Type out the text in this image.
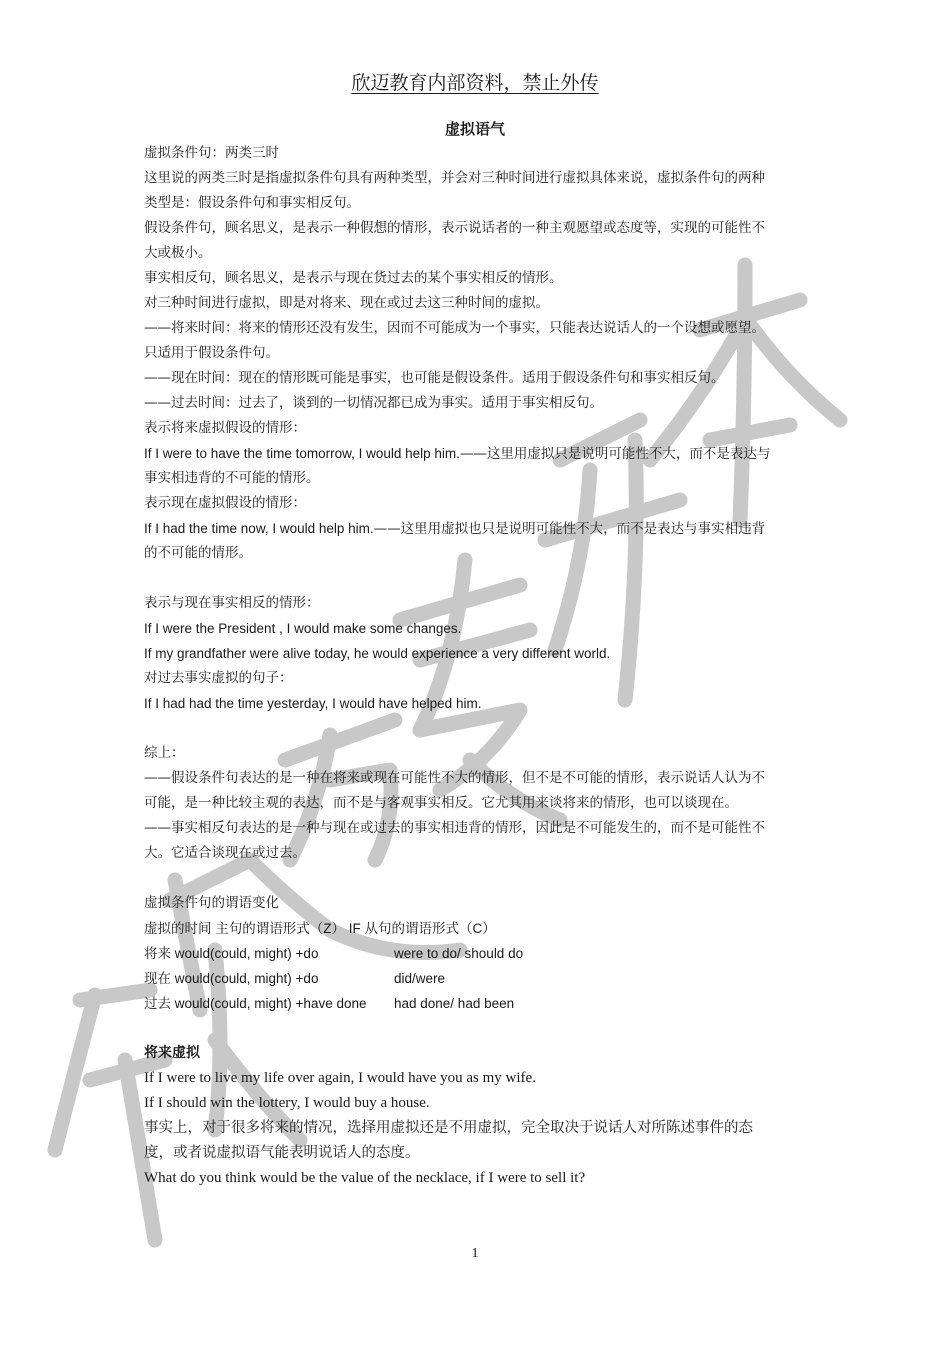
欣迈教育内部资料，禁止外传
虚拟语气
虚拟条件句：两类三时
这里说的两类三时是指虚拟条件句具有两种类型，并会对三种时间进行虚拟具体来说，虚拟条件句的两种
类型是：假设条件句和事实相反句。
假设条件句，顾名思义，是表示一种假想的情形，表示说话者的一种主观愿望或态度等，实现的可能性不
大或极小。
事实相反句，顾名思义，是表示与现在货过去的某个事实相反的情形。
对三种时间进行虚拟，即是对将来、现在或过去这三种时间的虚拟。
——将来时间：将来的情形还没有发生，因而不可能成为一个事实，只能表达说话人的一个设想或愿望。
只适用于假设条件句。
——现在时间：现在的情形既可能是事实，也可能是假设条件。适用于假设条件句和事实相反句。
——过去时间：过去了，谈到的一切情况都已成为事实。适用于事实相反句。
表示将来虚拟假设的情形：
If I were to have the time tomorrow, I would help him.——这里用虚拟只是说明可能性不大，而不是表达与
事实相违背的不可能的情形。
表示现在虚拟假设的情形：
If I had the time now, I would help him.——这里用虚拟也只是说明可能性不大，而不是表达与事实相违背
的不可能的情形。
表示与现在事实相反的情形：
If I were the President , I would make some changes.
If my grandfather were alive today, he would experience a very different world.
对过去事实虚拟的句子：
If I had had the time yesterday, I would have helped him.
综上：
——假设条件句表达的是一种在将来或现在可能性不大的情形，但不是不可能的情形，表示说话人认为不
可能，是一种比较主观的表达，而不是与客观事实相反。它尤其用来谈将来的情形，也可以谈现在。
——事实相反句表达的是一种与现在或过去的事实相违背的情形，因此是不可能发生的，而不是可能性不
大。它适合谈现在或过去。
虚拟条件句的谓语变化
虚拟的时间 主句的谓语形式（Z） IF 从句的谓语形式（C）
将来 would(could, might) +do	were to do/ should do
现在 would(could, might) +do	did/were
过去 would(could, might) +have done	had done/ had been
将来虚拟
If I were to live my life over again, I would have you as my wife.
If I should win the lottery, I would buy a house.
事实上，对于很多将来的情况，选择用虚拟还是不用虚拟，完全取决于说话人对所陈述事件的态
度，或者说虚拟语气能表明说话人的态度。
What do you think would be the value of the necklace, if I were to sell it?
1
